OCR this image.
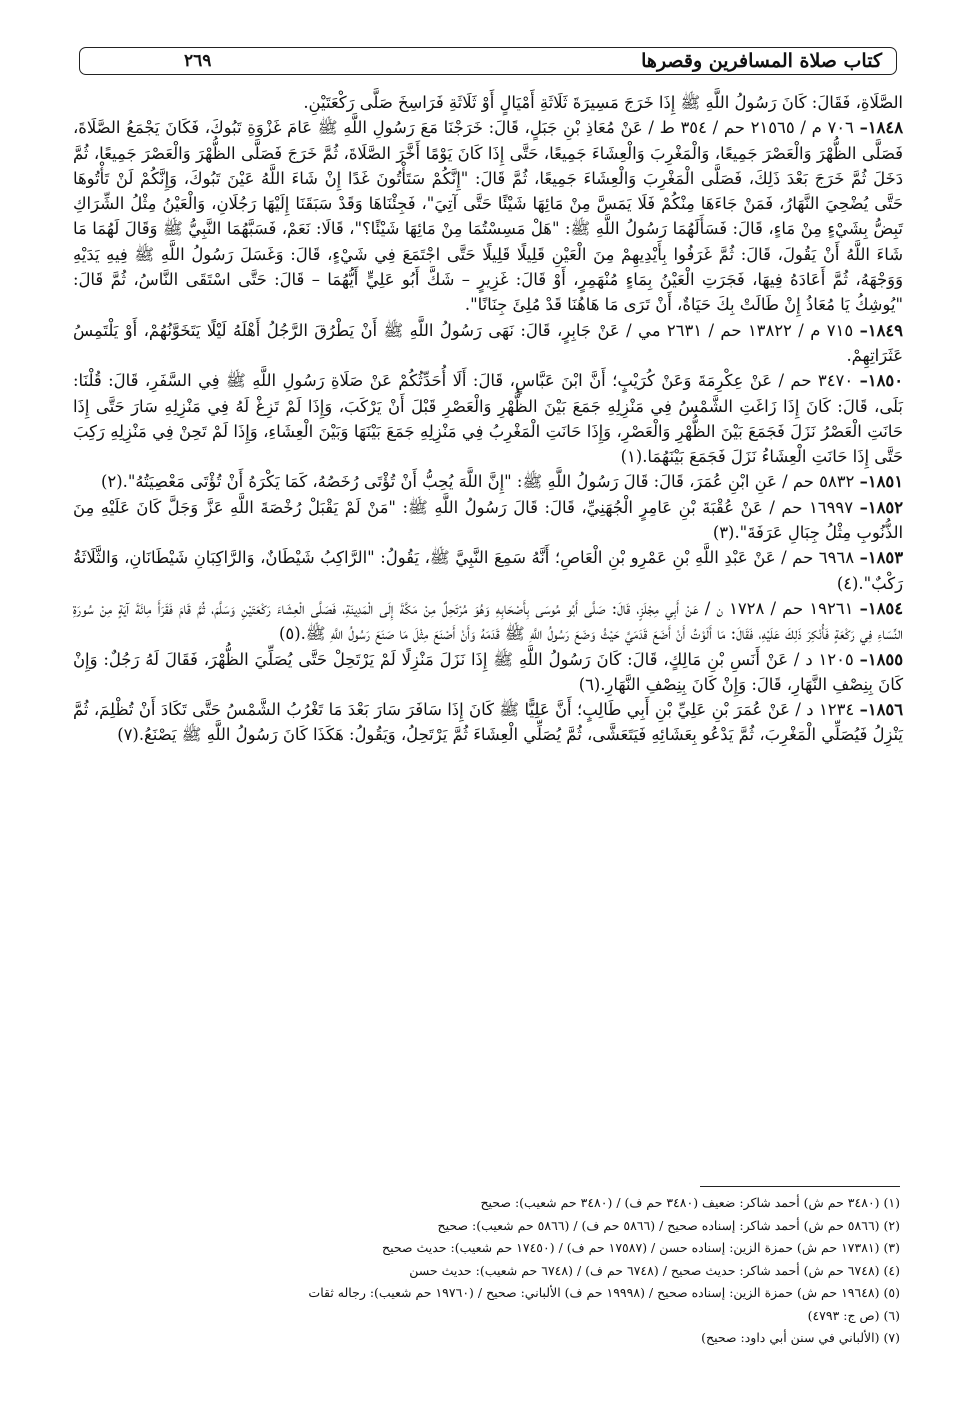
كتاب صلاة المسافرين وقصرها
٢٦٩

الصَّلَاةِ، فَقَالَ: كَانَ رَسُولُ اللَّهِ ﷺ إِذَا خَرَجَ مَسِيرَةَ ثَلَاثَةِ أَمْيَالٍ أَوْ ثَلَاثَةِ فَرَاسِخَ صَلَّى رَكْعَتَيْنِ.

١٨٤٨– ٧٠٦ م / ٢١٥٦٥ حم / ٣٥٤ ط / عَنْ مُعَاذِ بْنِ جَبَلٍ، قَالَ: خَرَجْنَا مَعَ رَسُولِ اللَّهِ ﷺ عَامَ غَزْوَةِ تَبُوكَ، فَكَانَ يَجْمَعُ الصَّلَاةَ، فَصَلَّى الظُّهْرَ وَالْعَصْرَ جَمِيعًا، وَالْمَغْرِبَ وَالْعِشَاءَ جَمِيعًا، حَتَّى إِذَا كَانَ يَوْمًا أَخَّرَ الصَّلَاةَ، ثُمَّ خَرَجَ فَصَلَّى الظُّهْرَ وَالْعَصْرَ جَمِيعًا، ثُمَّ دَخَلَ ثُمَّ خَرَجَ بَعْدَ ذَلِكَ، فَصَلَّى الْمَغْرِبَ وَالْعِشَاءَ جَمِيعًا، ثُمَّ قَالَ: "إِنَّكُمْ سَتَأْتُونَ غَدًا إِنْ شَاءَ اللَّهُ عَيْنَ تَبُوكَ، وَإِنَّكُمْ لَنْ تَأْتُوهَا حَتَّى يُضْحِيَ النَّهَارُ، فَمَنْ جَاءَهَا مِنْكُمْ فَلَا يَمَسَّ مِنْ مَائِهَا شَيْئًا حَتَّى آتِيَ"، فَجِئْنَاهَا وَقَدْ سَبَقَنَا إِلَيْهَا رَجُلَانِ، وَالْعَيْنُ مِثْلُ الشِّرَاكِ تَبِضُّ بِشَيْءٍ مِنْ مَاءٍ، قَالَ: فَسَأَلَهُمَا رَسُولُ اللَّهِ ﷺ: "هَلْ مَسِسْتُمَا مِنْ مَائِهَا شَيْئًا؟"، قَالَا: نَعَمْ، فَسَبَّهُمَا النَّبِيُّ ﷺ وَقَالَ لَهُمَا مَا شَاءَ اللَّهُ أَنْ يَقُولَ، قَالَ: ثُمَّ غَرَفُوا بِأَيْدِيهِمْ مِنَ الْعَيْنِ قَلِيلًا قَلِيلًا حَتَّى اجْتَمَعَ فِي شَيْءٍ، قَالَ: وَغَسَلَ رَسُولُ اللَّهِ ﷺ فِيهِ يَدَيْهِ وَوَجْهَهُ، ثُمَّ أَعَادَهُ فِيهَا، فَجَرَتِ الْعَيْنُ بِمَاءٍ مُنْهَمِرٍ، أَوْ قَالَ: غَزِيرٍ – شَكَّ أَبُو عَلِيٍّ أَيُّهُمَا – قَالَ: حَتَّى اسْتَقَى النَّاسُ، ثُمَّ قَالَ: "يُوشِكُ يَا مُعَاذُ إِنْ طَالَتْ بِكَ حَيَاةٌ، أَنْ تَرَى مَا هَاهُنَا قَدْ مُلِئَ جِنَانًا".

١٨٤٩– ٧١٥ م / ١٣٨٢٢ حم / ٢٦٣١ مي / عَنْ جَابِرٍ، قَالَ: نَهَى رَسُولُ اللَّهِ ﷺ أَنْ يَطْرُقَ الرَّجُلُ أَهْلَهُ لَيْلًا يَتَخَوَّنُهُمْ، أَوْ يَلْتَمِسُ عَثَرَاتِهِمْ.

١٨٥٠– ٣٤٧٠ حم / عَنْ عِكْرِمَةَ وَعَنْ كُرَيْبٍ؛ أَنَّ ابْنَ عَبَّاسٍ، قَالَ: أَلَا أُحَدِّثُكُمْ عَنْ صَلَاةِ رَسُولِ اللَّهِ ﷺ فِي السَّفَرِ، قَالَ: قُلْنَا: بَلَى، قَالَ: كَانَ إِذَا زَاغَتِ الشَّمْسُ فِي مَنْزِلِهِ جَمَعَ بَيْنَ الظُّهْرِ وَالْعَصْرِ قَبْلَ أَنْ يَرْكَبَ، وَإِذَا لَمْ تَزِغْ لَهُ فِي مَنْزِلِهِ سَارَ حَتَّى إِذَا حَانَتِ الْعَصْرُ نَزَلَ فَجَمَعَ بَيْنَ الظُّهْرِ وَالْعَصْرِ، وَإِذَا حَانَتِ الْمَغْرِبُ فِي مَنْزِلِهِ جَمَعَ بَيْنَهَا وَبَيْنَ الْعِشَاءِ، وَإِذَا لَمْ تَحِنْ فِي مَنْزِلِهِ رَكِبَ حَتَّى إِذَا حَانَتِ الْعِشَاءُ نَزَلَ فَجَمَعَ بَيْنَهُمَا.(١)

١٨٥١– ٥٨٣٢ حم / عَنِ ابْنِ عُمَرَ، قَالَ: قَالَ رَسُولُ اللَّهِ ﷺ: "إِنَّ اللَّهَ يُحِبُّ أَنْ تُؤْتَى رُخَصُهُ، كَمَا يَكْرَهُ أَنْ تُؤْتَى مَعْصِيَتُهُ".(٢)

١٨٥٢– ١٦٩٩٧ حم / عَنْ عُقْبَةَ بْنِ عَامِرٍ الْجُهَنِيِّ، قَالَ: قَالَ رَسُولُ اللَّهِ ﷺ: "مَنْ لَمْ يَقْبَلْ رُخْصَةَ اللَّهِ عَزَّ وَجَلَّ كَانَ عَلَيْهِ مِنَ الذُّنُوبِ مِثْلُ جِبَالِ عَرَفَةَ".(٣)

١٨٥٣– ٦٩٦٨ حم / عَنْ عَبْدِ اللَّهِ بْنِ عَمْرِو بْنِ الْعَاصِ؛ أَنَّهُ سَمِعَ النَّبِيَّ ﷺ، يَقُولُ: "الرَّاكِبُ شَيْطَانٌ، وَالرَّاكِبَانِ شَيْطَانَانِ، وَالثَّلَاثَةُ رَكْبٌ".(٤)

١٨٥٤– ١٩٢٦١ حم / ١٧٢٨ ن / عَنْ أَبِي مِجْلَزٍ، قَالَ: صَلَّى أَبُو مُوسَى بِأَصْحَابِهِ وَهُوَ مُرْتَحِلٌ مِنْ مَكَّةَ إِلَى الْمَدِينَةِ، فَصَلَّى الْعِشَاءَ رَكْعَتَيْنِ وَسَلَّمَ، ثُمَّ قَامَ فَقَرَأَ مِائَةَ آيَةٍ مِنْ سُورَةِ النِّسَاءِ فِي رَكْعَةٍ فَأُنْكِرَ ذَلِكَ عَلَيْهِ، فَقَالَ: مَا أَلَوْتُ أَنْ أَضَعَ قَدَمَيَّ حَيْثُ وَضَعَ رَسُولُ اللَّهِ ﷺ قَدَمَهُ وَأَنْ أَصْنَعَ مِثْلَ مَا صَنَعَ رَسُولُ اللَّهِ ﷺ.(٥)

١٨٥٥– ١٢٠٥ د / عَنْ أَنَسِ بْنِ مَالِكٍ، قَالَ: كَانَ رَسُولُ اللَّهِ ﷺ إِذَا نَزَلَ مَنْزِلًا لَمْ يَرْتَحِلْ حَتَّى يُصَلِّيَ الظُّهْرَ، فَقَالَ لَهُ رَجُلٌ: وَإِنْ كَانَ بِنِصْفِ النَّهَارِ، قَالَ: وَإِنْ كَانَ بِنِصْفِ النَّهَارِ.(٦)

١٨٥٦– ١٢٣٤ د / عَنْ عُمَرَ بْنِ عَلِيِّ بْنِ أَبِي طَالِبٍ؛ أَنَّ عَلِيًّا ﷺ كَانَ إِذَا سَافَرَ سَارَ بَعْدَ مَا تَغْرُبُ الشَّمْسُ حَتَّى تَكَادَ أَنْ تُظْلِمَ، ثُمَّ يَنْزِلُ فَيُصَلِّي الْمَغْرِبَ، ثُمَّ يَدْعُو بِعَشَائِهِ فَيَتَعَشَّى، ثُمَّ يُصَلِّي الْعِشَاءَ ثُمَّ يَرْتَحِلُ، وَيَقُولُ: هَكَذَا كَانَ رَسُولُ اللَّهِ ﷺ يَصْنَعُ.(٧)

(١) (٣٤٨٠ حم ش) أحمد شاكر: ضعيف (٣٤٨٠ حم ف) / (٣٤٨٠ حم شعيب): صحيح
(٢) (٥٨٦٦ حم ش) أحمد شاكر: إسناده صحيح / (٥٨٦٦ حم ف) / (٥٨٦٦ حم شعيب): صحيح
(٣) (١٧٣٨١ حم ش) حمزة الزين: إسناده حسن / (١٧٥٨٧ حم ف) / (١٧٤٥٠ حم شعيب): حديث صحيح
(٤) (٦٧٤٨ حم ش) أحمد شاكر: حديث صحيح / (٦٧٤٨ حم ف) / (٦٧٤٨ حم شعيب): حديث حسن
(٥) (١٩٦٤٨ حم ش) حمزة الزين: إسناده صحيح / (١٩٩٩٨ حم ف) الألباني: صحيح / (١٩٧٦٠ حم شعيب): رجاله ثقات
(٦) (ص ج: ٤٧٩٣)
(٧) (الألباني في سنن أبي داود: صحيح)
